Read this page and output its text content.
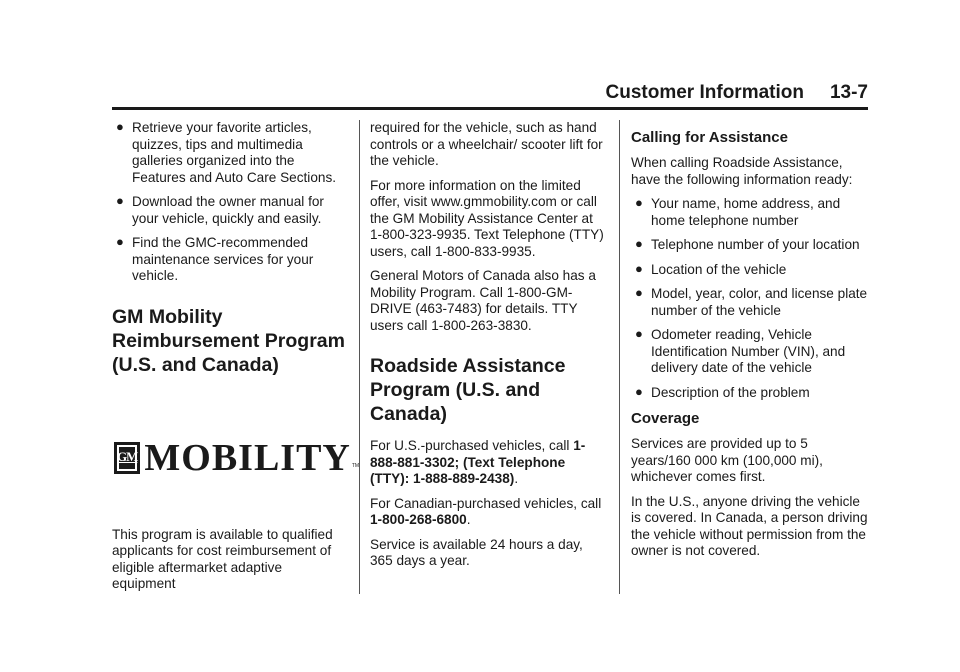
Customer Information 13-7
● Retrieve your favorite articles, quizzes, tips and multimedia galleries organized into the Features and Auto Care Sections.
● Download the owner manual for your vehicle, quickly and easily.
● Find the GMC-recommended maintenance services for your vehicle.
GM Mobility Reimbursement Program (U.S. and Canada)
GM MOBILITY TM

This program is available to qualified applicants for cost reimbursement of eligible aftermarket adaptive equipment

required for the vehicle, such as hand controls or a wheelchair/ scooter lift for the vehicle.

For more information on the limited offer, visit www.gmmobility.com or call the GM Mobility Assistance Center at 1-800-323-9935. Text Telephone (TTY) users, call 1-800-833-9935.

General Motors of Canada also has a Mobility Program. Call 1-800-GM-DRIVE (463-7483) for details. TTY users call 1-800-263-3830.

Roadside Assistance Program (U.S. and Canada)

For U.S.-purchased vehicles, call 1-888-881-3302; (Text Telephone (TTY): 1-888-889-2438).

For Canadian-purchased vehicles, call 1-800-268-6800.

Service is available 24 hours a day, 365 days a year.

Calling for Assistance

When calling Roadside Assistance, have the following information ready:

● Your name, home address, and home telephone number
● Telephone number of your location
● Location of the vehicle
● Model, year, color, and license plate number of the vehicle
● Odometer reading, Vehicle Identification Number (VIN), and delivery date of the vehicle
● Description of the problem
Coverage

Services are provided up to 5 years/160 000 km (100,000 mi), whichever comes first.

In the U.S., anyone driving the vehicle is covered. In Canada, a person driving the vehicle without permission from the owner is not covered.
